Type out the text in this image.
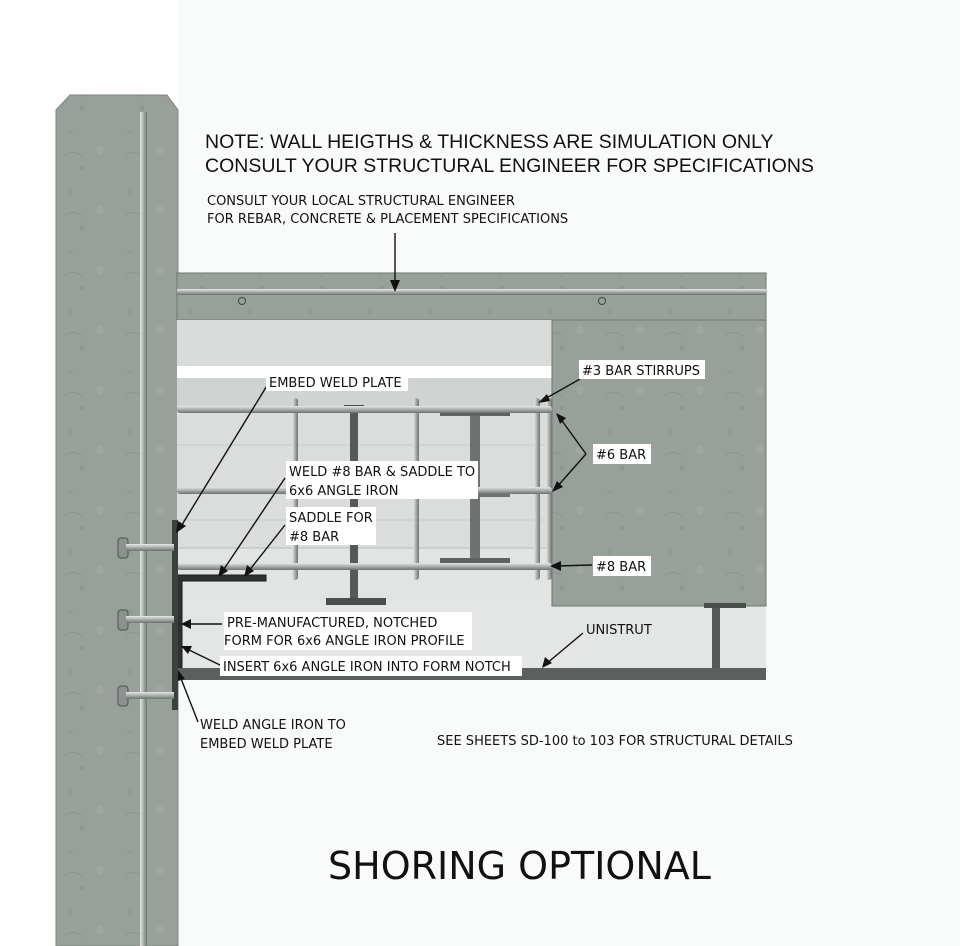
NOTE: WALL HEIGTHS & THICKNESS ARE SIMULATION ONLY
CONSULT YOUR STRUCTURAL ENGINEER FOR SPECIFICATIONS
CONSULT YOUR LOCAL STRUCTURAL ENGINEER
FOR REBAR, CONCRETE & PLACEMENT SPECIFICATIONS
EMBED WELD PLATE
WELD #8 BAR & SADDLE TO
6x6 ANGLE IRON
SADDLE FOR
#8 BAR
#3 BAR STIRRUPS
#6 BAR
#8 BAR
UNISTRUT
PRE-MANUFACTURED, NOTCHED
FORM FOR 6x6 ANGLE IRON PROFILE
INSERT 6x6 ANGLE IRON INTO FORM NOTCH
WELD ANGLE IRON TO
EMBED WELD PLATE	SEE SHEETS SD-100 to 103 FOR STRUCTURAL DETAILS
SHORING OPTIONAL
